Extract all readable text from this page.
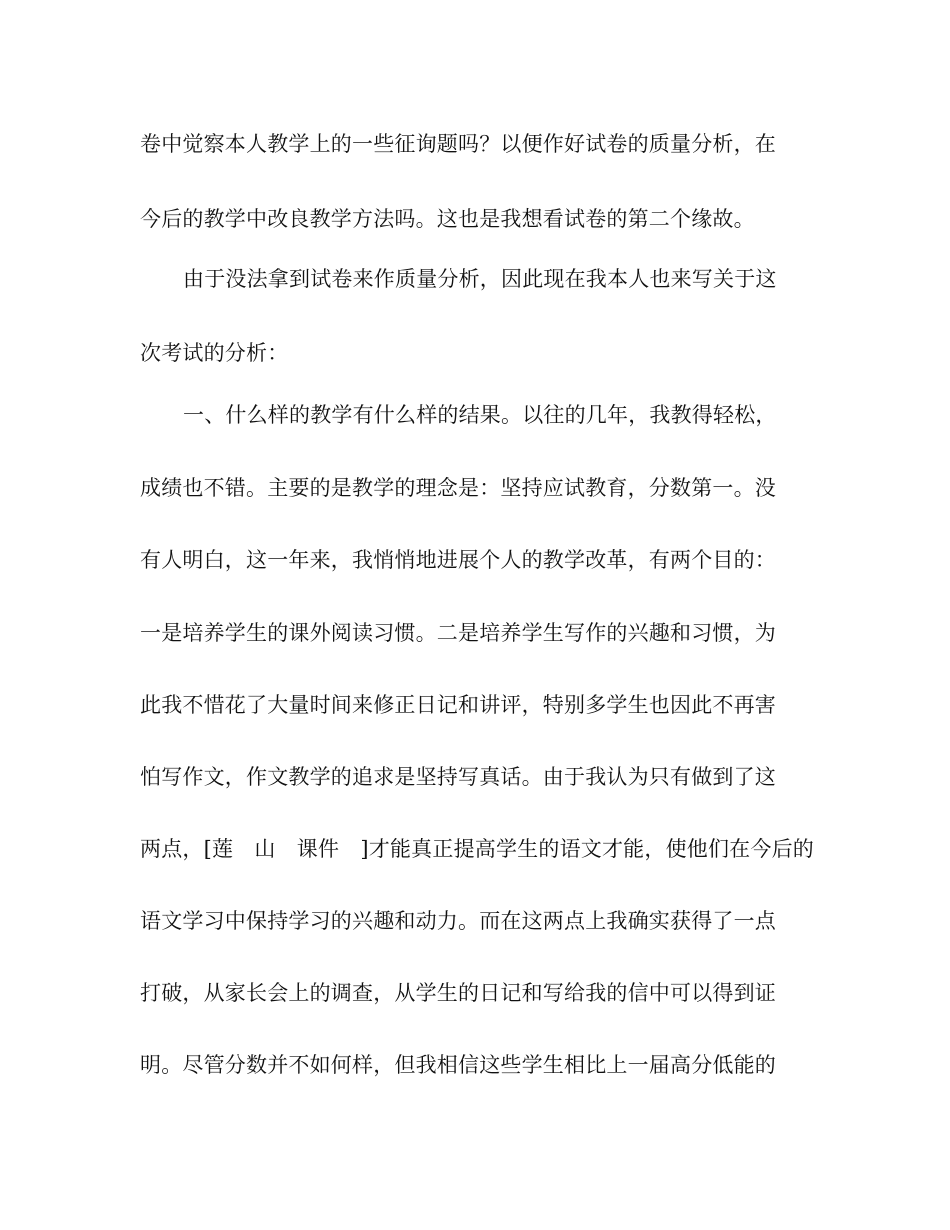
卷中觉察本人教学上的一些征询题吗？以便作好试卷的质量分析，在
今后的教学中改良教学方法吗。这也是我想看试卷的第二个缘故。
由于没法拿到试卷来作质量分析，因此现在我本人也来写关于这
次考试的分析：
一、什么样的教学有什么样的结果。以往的几年，我教得轻松，
成绩也不错。主要的是教学的理念是：坚持应试教育，分数第一。没
有人明白，这一年来，我悄悄地进展个人的教学改革，有两个目的：
一是培养学生的课外阅读习惯。二是培养学生写作的兴趣和习惯，为
此我不惜花了大量时间来修正日记和讲评，特别多学生也因此不再害
怕写作文，作文教学的追求是坚持写真话。由于我认为只有做到了这
两点，[莲　山　课件　]才能真正提高学生的语文才能，使他们在今后的
语文学习中保持学习的兴趣和动力。而在这两点上我确实获得了一点
打破，从家长会上的调查，从学生的日记和写给我的信中可以得到证
明。尽管分数并不如何样，但我相信这些学生相比上一届高分低能的
